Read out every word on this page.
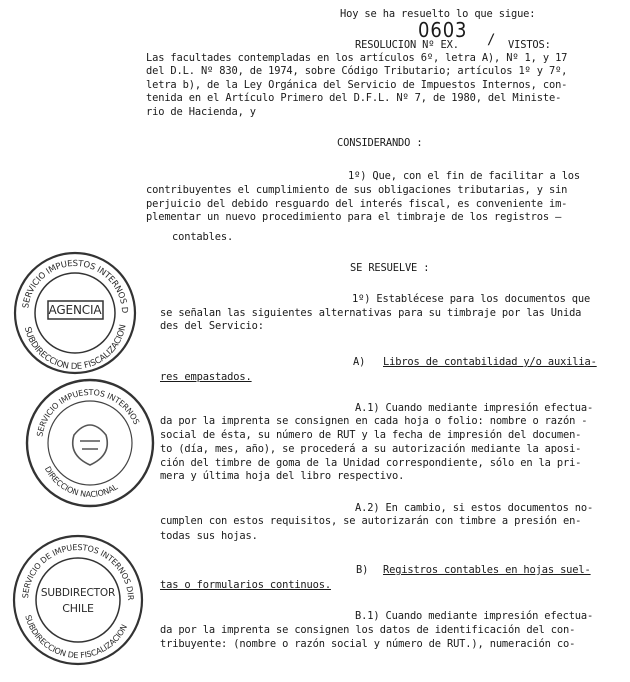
Hoy se ha resuelto lo que sigue:
RESOLUCION Nº EX.
0603 / VISTOS:
Las facultades contempladas en los artículos 6º, letra A), Nº 1, y 17
del D.L. Nº 830, de 1974, sobre Código Tributario; artículos 1º y 7º,
letra b), de la Ley Orgánica del Servicio de Impuestos Internos, con-
tenida en el Artículo Primero del D.F.L. Nº 7, de 1980, del Ministe-
rio de Hacienda, y
CONSIDERANDO :
1º) Que, con el fin de facilitar a los
contribuyentes el cumplimiento de sus obligaciones tributarias, y sin
perjuicio del debido resguardo del interés fiscal, es conveniente im-
plementar un nuevo procedimiento para el timbraje de los registros —
contables.
SE RESUELVE :
1º) Establécese para los documentos que
se señalan las siguientes alternativas para su timbraje por las Unida
des del Servicio:
A) Libros de contabilidad y/o auxilia-
res empastados.
A.1) Cuando mediante impresión efectua-
da por la imprenta se consignen en cada hoja o folio: nombre o razón -
social de ésta, su número de RUT y la fecha de impresión del documen-
to (día, mes, año), se procederá a su autorización mediante la aposi-
ción del timbre de goma de la Unidad correspondiente, sólo en la pri-
mera y última hoja del libro respectivo.
A.2) En cambio, si estos documentos no-
cumplen con estos requisitos, se autorizarán con timbre a presión en-
todas sus hojas.
B) Registros contables en hojas suel-
tas o formularios continuos.
B.1) Cuando mediante impresión efectua-
da por la imprenta se consignen los datos de identificación del con-
tribuyente: (nombre o razón social y número de RUT.), numeración co-
SERVICIO IMPUESTOS INTERNOS DIRECCION NACIONAL
SUBDIRECCION DE FISCALIZACION
AGENCIA
SERVICIO IMPUESTOS INTERNOS
DIRECCION NACIONAL
SERVICIO DE IMPUESTOS INTERNOS DIRECCION NACIONAL
SUBDIRECCION DE FISCALIZACION
SUBDIRECTOR
CHILE
